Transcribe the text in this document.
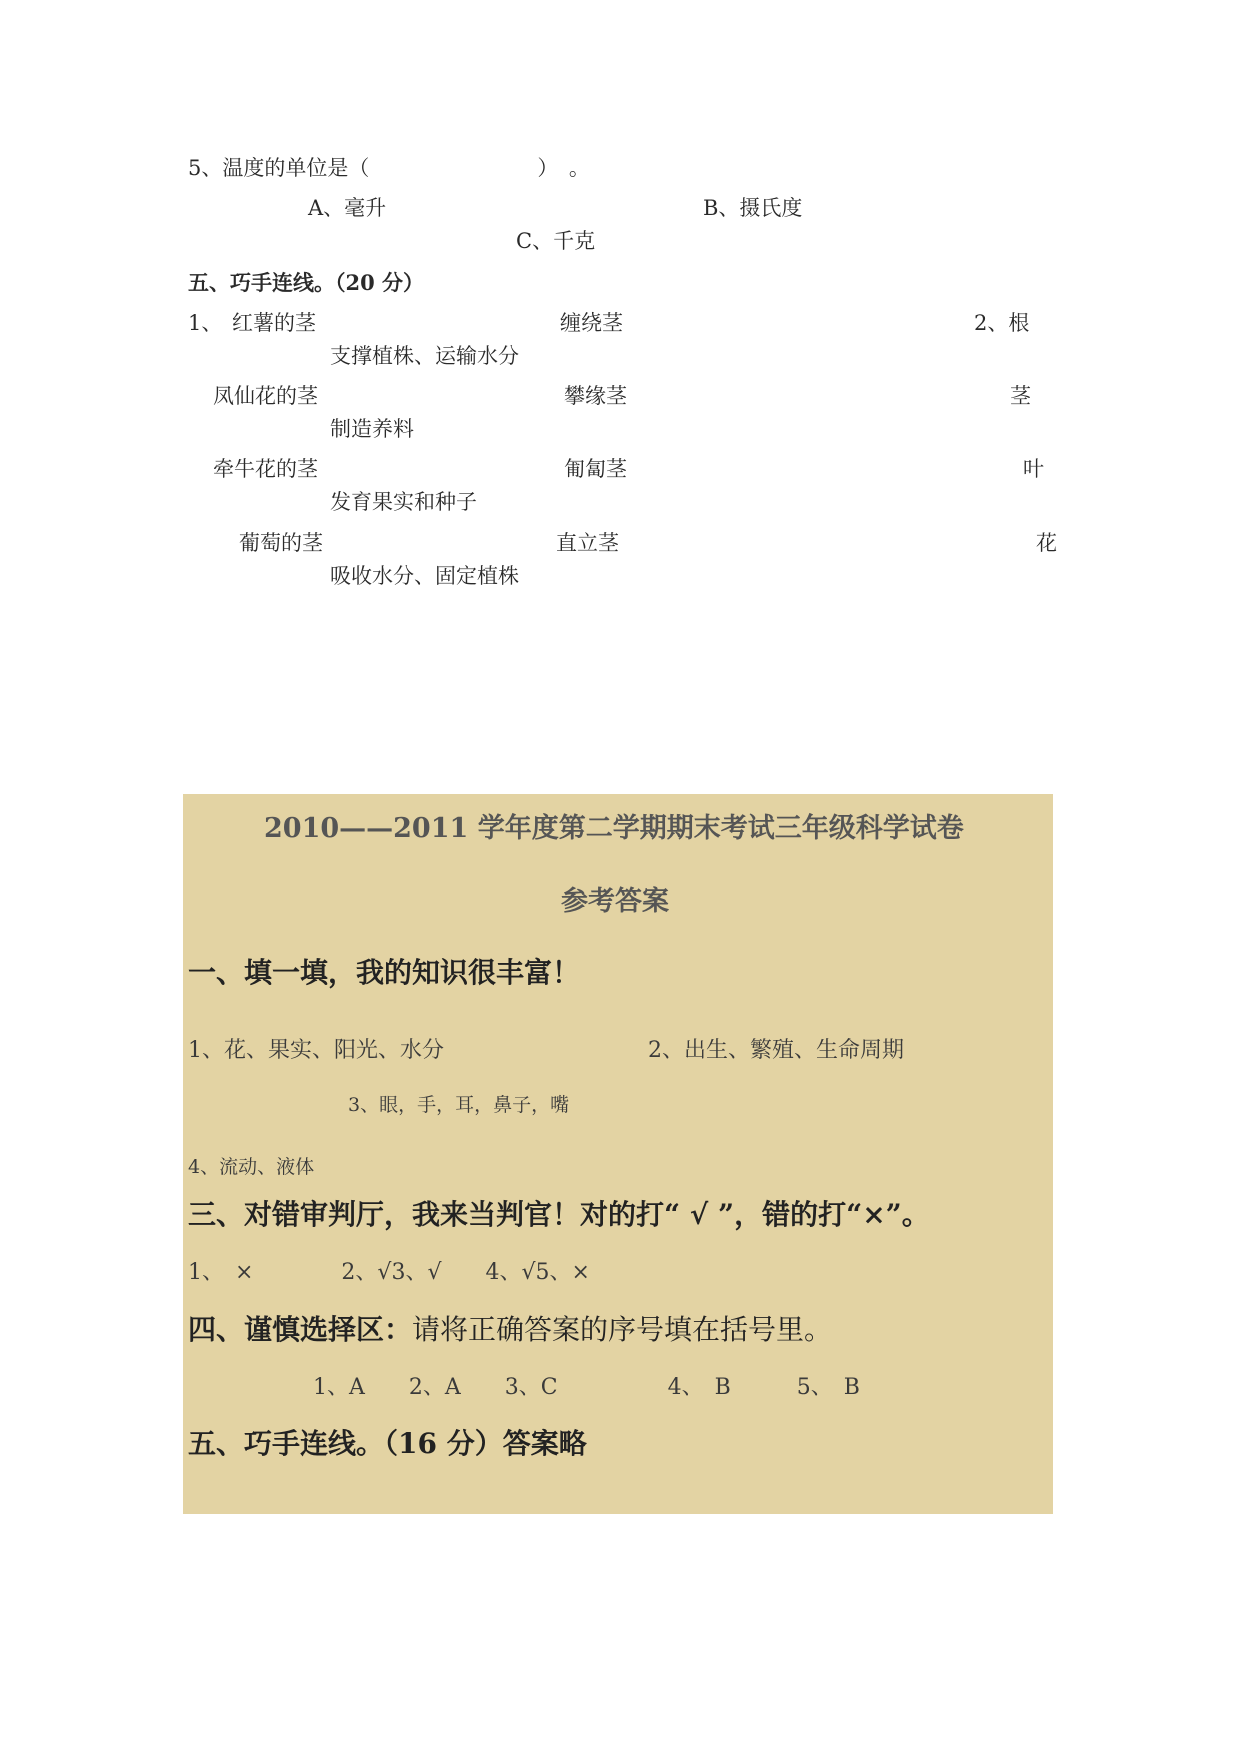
5、温度的单位是（　　　　　　　　）　。
A、毫升	B、摄氏度
C、千克
五、巧手连线。（20 分）
1、 红薯的茎	缠绕茎	2、根
支撑植株、运输水分
凤仙花的茎	攀缘茎	茎
制造养料
牵牛花的茎	匍匐茎	叶
发育果实和种子
葡萄的茎	直立茎	花
吸收水分、固定植株
2010——2011 学年度第二学期期末考试三年级科学试卷
参考答案
一、填一填，我的知识很丰富！
1、花、果实、阳光、水分	2、出生、繁殖、生命周期
3、眼，手，耳，鼻子，嘴
4、流动、液体
三、对错审判厅，我来当判官！对的打“ √ ”，错的打“×”。
1、　×　　　　2、√3、√　　4、√5、×
四、谨慎选择区：请将正确答案的序号填在括号里。
1、A　　2、A　　3、C　　　　　4、　B　　　5、　B
五、巧手连线。（16 分）答案略
